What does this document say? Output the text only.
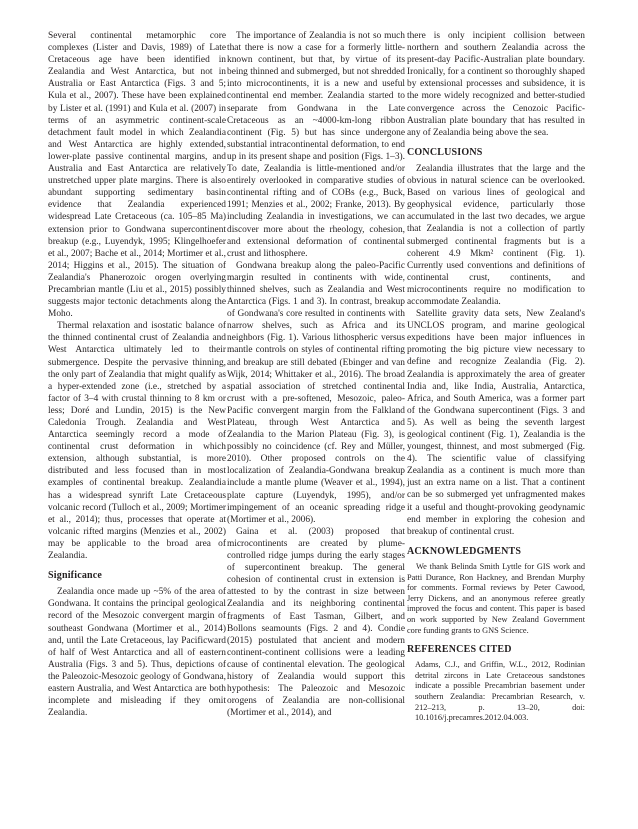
Several continental metamorphic core complexes (Lister and Davis, 1989) of Late Cretaceous age have been identified in Zealandia and West Antarctica, but not in Australia or East Antarctica (Figs. 3 and 5; Kula et al., 2007). These have been explained by Lister et al. (1991) and Kula et al. (2007) in terms of an asymmetric continent-scale detachment fault model in which Zealandia and West Antarctica are highly extended, lower-plate passive continental margins, and Australia and East Antarctica are relatively unstretched upper plate margins. There is also abundant supporting sedimentary basin evidence that Zealandia experienced widespread Late Cretaceous (ca. 105–85 Ma) extension prior to Gondwana supercontinent breakup (e.g., Luyendyk, 1995; Klingelhoefer et al., 2007; Bache et al., 2014; Mortimer et al., 2014; Higgins et al., 2015). The situation of Zealandia's Phanerozoic orogen overlying Precambrian mantle (Liu et al., 2015) possibly suggests major tectonic detachments along the Moho.

Thermal relaxation and isostatic balance of the thinned continental crust of Zealandia and West Antarctica ultimately led to their submergence. Despite the pervasive thinning, the only part of Zealandia that might qualify as a hyper-extended zone (i.e., stretched by a factor of 3–4 with crustal thinning to 8 km or less; Doré and Lundin, 2015) is the New Caledonia Trough. Zealandia and West Antarctica seemingly record a mode of continental crust deformation in which extension, although substantial, is more distributed and less focused than in most examples of continental breakup. Zealandia has a widespread synrift Late Cretaceous volcanic record (Tulloch et al., 2009; Mortimer et al., 2014); thus, processes that operate at volcanic rifted margins (Menzies et al., 2002) may be applicable to the broad area of Zealandia.

Significance

Zealandia once made up ~5% of the area of Gondwana. It contains the principal geological record of the Mesozoic convergent margin of southeast Gondwana (Mortimer et al., 2014) and, until the Late Cretaceous, lay Pacificward of half of West Antarctica and all of eastern Australia (Figs. 3 and 5). Thus, depictions of the Paleozoic-Mesozoic geology of Gondwana, eastern Australia, and West Antarctica are both incomplete and misleading if they omit Zealandia.

The importance of Zealandia is not so much that there is now a case for a formerly little-known continent, but that, by virtue of its being thinned and submerged, but not shredded into microcontinents, it is a new and useful continental end member. Zealandia started to separate from Gondwana in the Late Cretaceous as an ~4000-km-long ribbon continent (Fig. 5) but has since undergone substantial intracontinental deformation, to end up in its present shape and position (Figs. 1–3). To date, Zealandia is little-mentioned and/or entirely overlooked in comparative studies of continental rifting and of COBs (e.g., Buck, 1991; Menzies et al., 2002; Franke, 2013). By including Zealandia in investigations, we can discover more about the rheology, cohesion, and extensional deformation of continental crust and lithosphere.

Gondwana breakup along the paleo-Pacific margin resulted in continents with wide, thinned shelves, such as Zealandia and West Antarctica (Figs. 1 and 3). In contrast, breakup of Gondwana's core resulted in continents with narrow shelves, such as Africa and its neighbors (Fig. 1). Various lithospheric versus mantle controls on styles of continental rifting and breakup are still debated (Ebinger and van Wijk, 2014; Whittaker et al., 2016). The broad spatial association of stretched continental crust with a pre-softened, Mesozoic, paleo-Pacific convergent margin from the Falkland Plateau, through West Antarctica and Zealandia to the Marion Plateau (Fig. 3), is possibly no coincidence (cf. Rey and Müller, 2010). Other proposed controls on the localization of Zealandia-Gondwana breakup include a mantle plume (Weaver et al., 1994), plate capture (Luyendyk, 1995), and/or impingement of an oceanic spreading ridge (Mortimer et al., 2006).

Gaina et al. (2003) proposed that microcontinents are created by plume-controlled ridge jumps during the early stages of supercontinent breakup. The general cohesion of continental crust in extension is attested to by the contrast in size between Zealandia and its neighboring continental fragments of East Tasman, Gilbert, and Bollons seamounts (Figs. 2 and 4). Condie (2015) postulated that ancient and modern continent-continent collisions were a leading cause of continental elevation. The geological history of Zealandia would support this hypothesis: The Paleozoic and Mesozoic orogens of Zealandia are non-collisional (Mortimer et al., 2014), and

there is only incipient collision between northern and southern Zealandia across the present-day Pacific-Australian plate boundary. Ironically, for a continent so thoroughly shaped by extensional processes and subsidence, it is the more widely recognized and better-studied convergence across the Cenozoic Pacific-Australian plate boundary that has resulted in any of Zealandia being above the sea.

CONCLUSIONS

Zealandia illustrates that the large and the obvious in natural science can be overlooked. Based on various lines of geological and geophysical evidence, particularly those accumulated in the last two decades, we argue that Zealandia is not a collection of partly submerged continental fragments but is a coherent 4.9 Mkm² continent (Fig. 1). Currently used conventions and definitions of continental crust, continents, and microcontinents require no modification to accommodate Zealandia.

Satellite gravity data sets, New Zealand's UNCLOS program, and marine geological expeditions have been major influences in promoting the big picture view necessary to define and recognize Zealandia (Fig. 2). Zealandia is approximately the area of greater India and, like India, Australia, Antarctica, Africa, and South America, was a former part of the Gondwana supercontinent (Figs. 3 and 5). As well as being the seventh largest geological continent (Fig. 1), Zealandia is the youngest, thinnest, and most submerged (Fig. 4). The scientific value of classifying Zealandia as a continent is much more than just an extra name on a list. That a continent can be so submerged yet unfragmented makes it a useful and thought-provoking geodynamic end member in exploring the cohesion and breakup of continental crust.

ACKNOWLEDGMENTS

We thank Belinda Smith Lyttle for GIS work and Patti Durance, Ron Hackney, and Brendan Murphy for comments. Formal reviews by Peter Cawood, Jerry Dickens, and an anonymous referee greatly improved the focus and content. This paper is based on work supported by New Zealand Government core funding grants to GNS Science.

REFERENCES CITED

Adams, C.J., and Griffin, W.L., 2012, Rodinian detrital zircons in Late Cretaceous sandstones indicate a possible Precambrian basement under southern Zealandia: Precambrian Research, v. 212–213, p. 13–20, doi: 10.1016/j.precamres.2012.04.003.
